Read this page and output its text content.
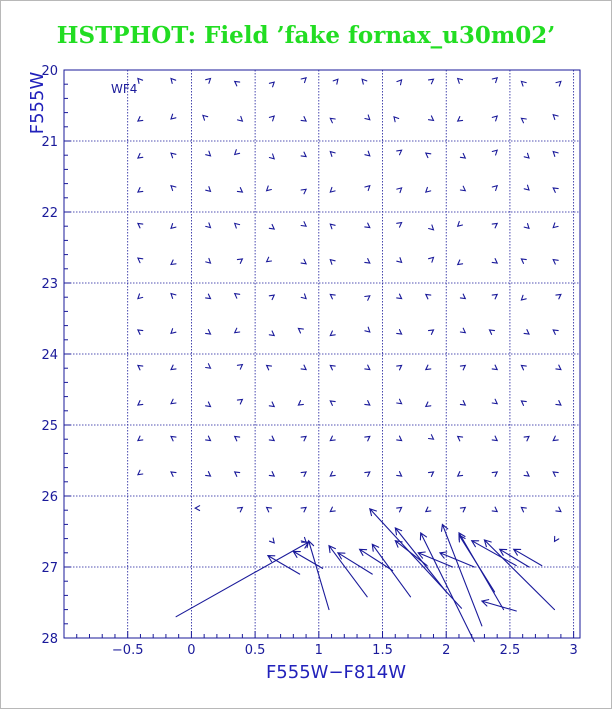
HSTPHOT: Field ’fake fornax_u30m02’
−0.5	0	0.5	1	1.5	2	2.5	3
20
21
22
23
24
25
26
27
28
WF4
F555W−F814W
F555W
